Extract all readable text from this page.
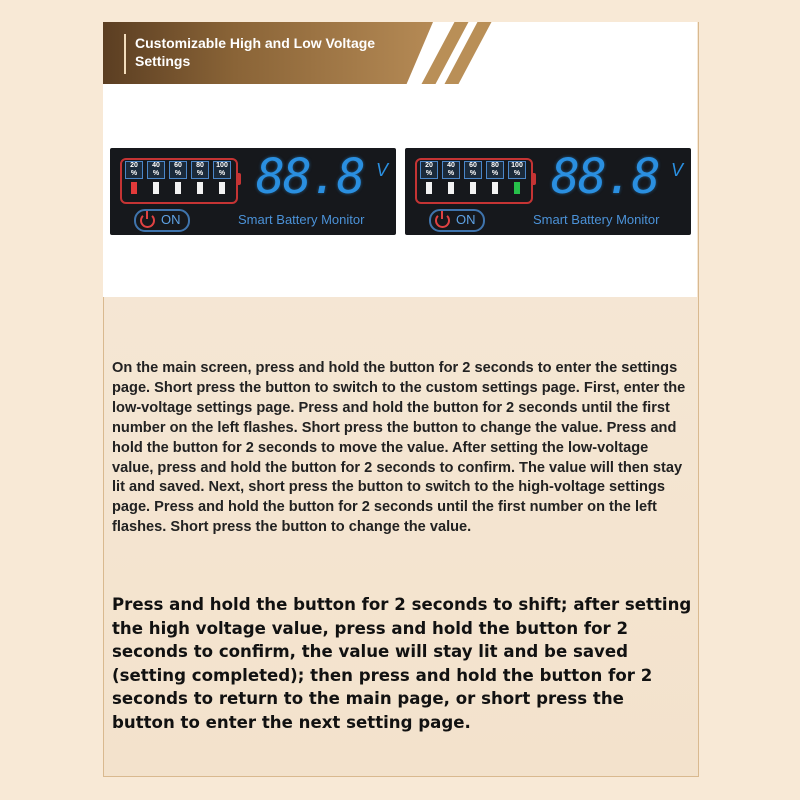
Customizable High and Low Voltage Settings
20
%
40
%
60
%
80
%
100
% 88.8 V
ON	Smart Battery Monitor
20
%
40
%
60
%
80
%
100
% 88.8 V
ON	Smart Battery Monitor

On the main screen, press and hold the button for 2 seconds to enter the settings page. Short press the button to switch to the custom settings page. First, enter the low-voltage settings page. Press and hold the button for 2 seconds until the first number on the left flashes. Short press the button to change the value. Press and hold the button for 2 seconds to move the value. After setting the low-voltage value, press and hold the button for 2 seconds to confirm. The value will then stay lit and saved. Next, short press the button to switch to the high-voltage settings page. Press and hold the button for 2 seconds until the first number on the left flashes. Short press the button to change the value.

Press and hold the button for 2 seconds to shift; after setting the high voltage value, press and hold the button for 2 seconds to confirm, the value will stay lit and be saved (setting completed); then press and hold the button for 2 seconds to return to the main page, or short press the button to enter the next setting page.
